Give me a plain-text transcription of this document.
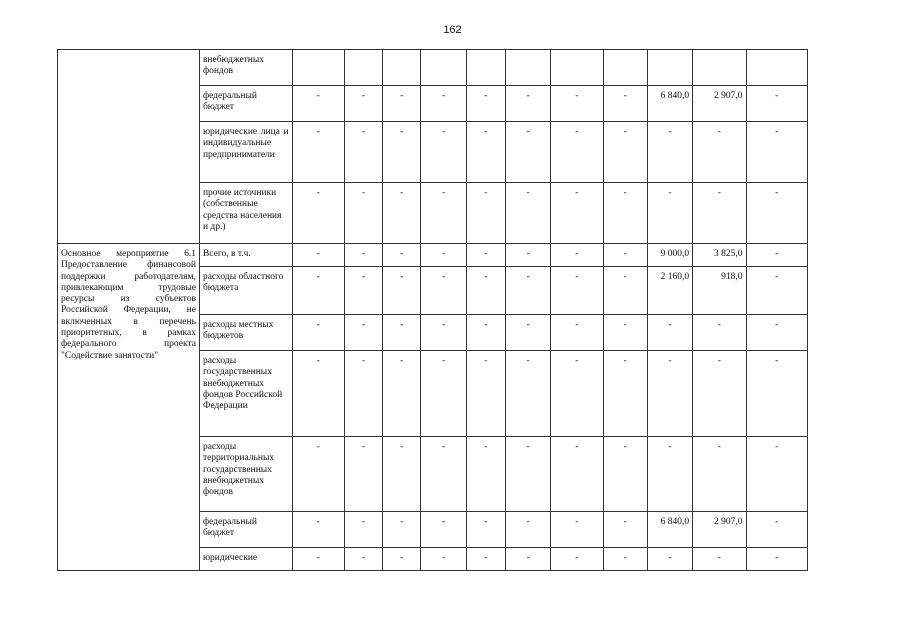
162
	внебюджетных фондов											
	федеральный бюджет	-	-	-	-	-	-	-	-	6 840,0	2 907,0	-
	юридические лица и индивидуальные предприниматели	-	-	-	-	-	-	-	-	-	-	-
	прочие источники (собственные средства населения и др.)	-	-	-	-	-	-	-	-	-	-	-
Основное мероприятие 6.1 Предоставление финансовой поддержки работодателям, привлекающим трудовые ресурсы из субъектов Российской Федерации, не включенных в перечень приоритетных, в рамках федерального проекта "Содействие занятости"	Всего, в т.ч.	-	-	-	-	-	-	-	-	9 000,0	3 825,0	-
	расходы областного бюджета	-	-	-	-	-	-	-	-	2 160,0	918,0	-
	расходы местных бюджетов	-	-	-	-	-	-	-	-	-	-	-
	расходы государственных внебюджетных фондов Российской Федерации	-	-	-	-	-	-	-	-	-	-	-
	расходы территориальных государственных внебюджетных фондов	-	-	-	-	-	-	-	-	-	-	-
	федеральный бюджет	-	-	-	-	-	-	-	-	6 840,0	2 907,0	-
	юридические	-	-	-	-	-	-	-	-	-	-	-
